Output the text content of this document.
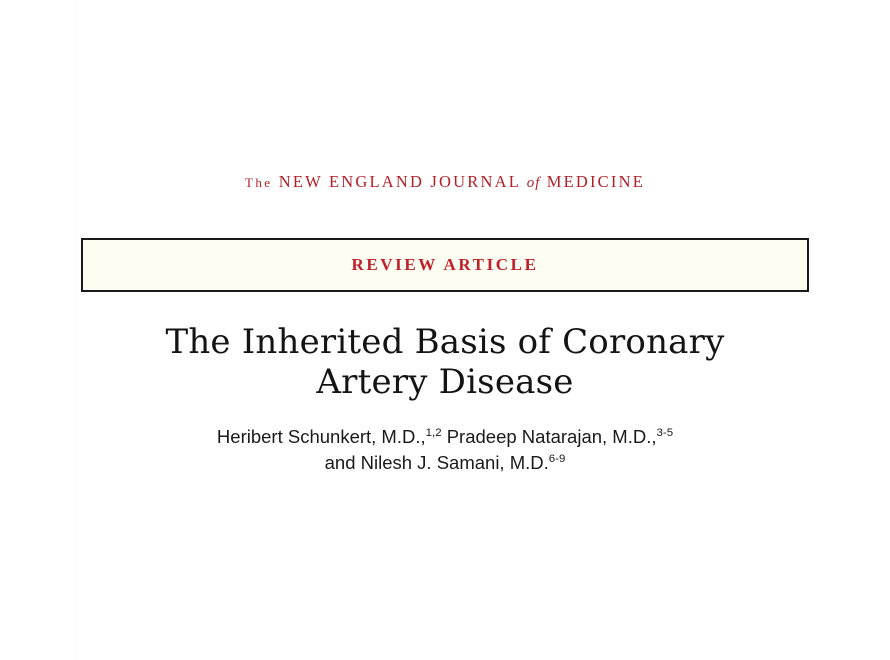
The NEW ENGLAND JOURNAL of MEDICINE
REVIEW ARTICLE
The Inherited Basis of Coronary
Artery Disease
Heribert Schunkert, M.D.,$^{1,2}$ Pradeep Natarajan, M.D.,$^{3-5}$
and Nilesh J. Samani, M.D.$^{6-9}$
